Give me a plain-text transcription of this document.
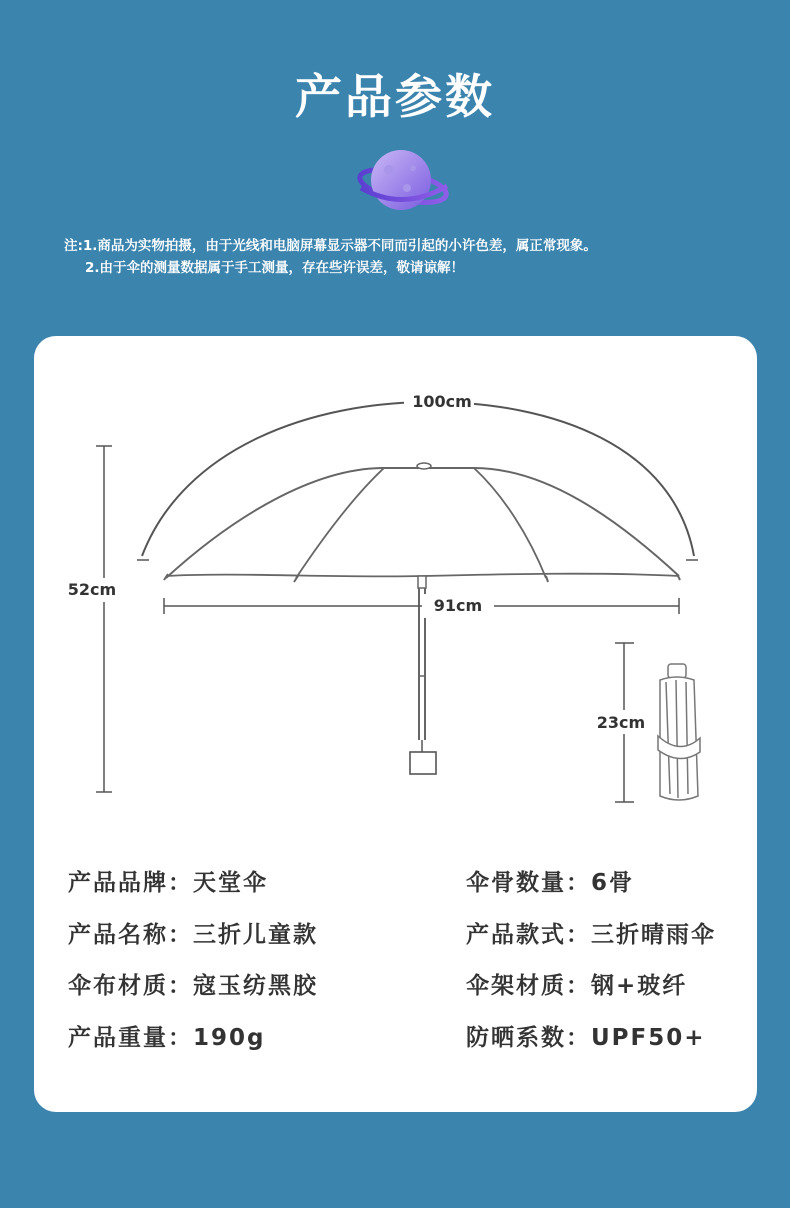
产品参数
注:1.商品为实物拍摄，由于光线和电脑屏幕显示器不同而引起的小许色差，属正常现象。
2.由于伞的测量数据属于手工测量，存在些许误差，敬请谅解！
100cm
91cm
52cm
23cm
产品品牌：天堂伞	伞骨数量：6骨
产品名称：三折儿童款	产品款式：三折晴雨伞
伞布材质：寇玉纺黑胶	伞架材质：钢+玻纤
产品重量：190g	防晒系数：UPF50+
